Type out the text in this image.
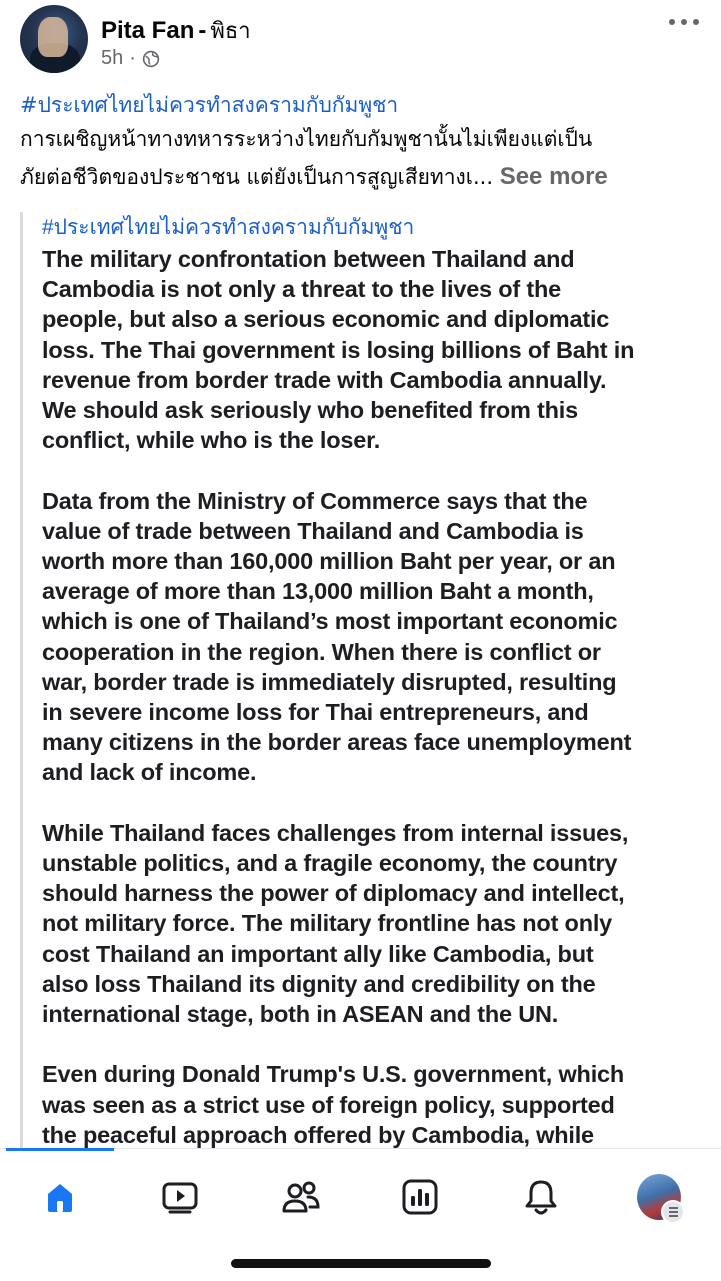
Pita Fan - พิธา
5h ·
#ประเทศไทยไม่ควรทำสงครามกับกัมพูชา
การเผชิญหน้าทางทหารระหว่างไทยกับกัมพูชานั้นไม่เพียงแต่เป็น
ภัยต่อชีวิตของประชาชน แต่ยังเป็นการสูญเสียทางเ... See more
#ประเทศไทยไม่ควรทำสงครามกับกัมพูชา
The military confrontation between Thailand and
Cambodia is not only a threat to the lives of the
people, but also a serious economic and diplomatic
loss. The Thai government is losing billions of Baht in
revenue from border trade with Cambodia annually.
We should ask seriously who benefited from this
conflict, while who is the loser.
Data from the Ministry of Commerce says that the
value of trade between Thailand and Cambodia is
worth more than 160,000 million Baht per year, or an
average of more than 13,000 million Baht a month,
which is one of Thailand’s most important economic
cooperation in the region. When there is conflict or
war, border trade is immediately disrupted, resulting
in severe income loss for Thai entrepreneurs, and
many citizens in the border areas face unemployment
and lack of income.
While Thailand faces challenges from internal issues,
unstable politics, and a fragile economy, the country
should harness the power of diplomacy and intellect,
not military force. The military frontline has not only
cost Thailand an important ally like Cambodia, but
also loss Thailand its dignity and credibility on the
international stage, both in ASEAN and the UN.
Even during Donald Trump's U.S. government, which
was seen as a strict use of foreign policy, supported
the peaceful approach offered by Cambodia, while
